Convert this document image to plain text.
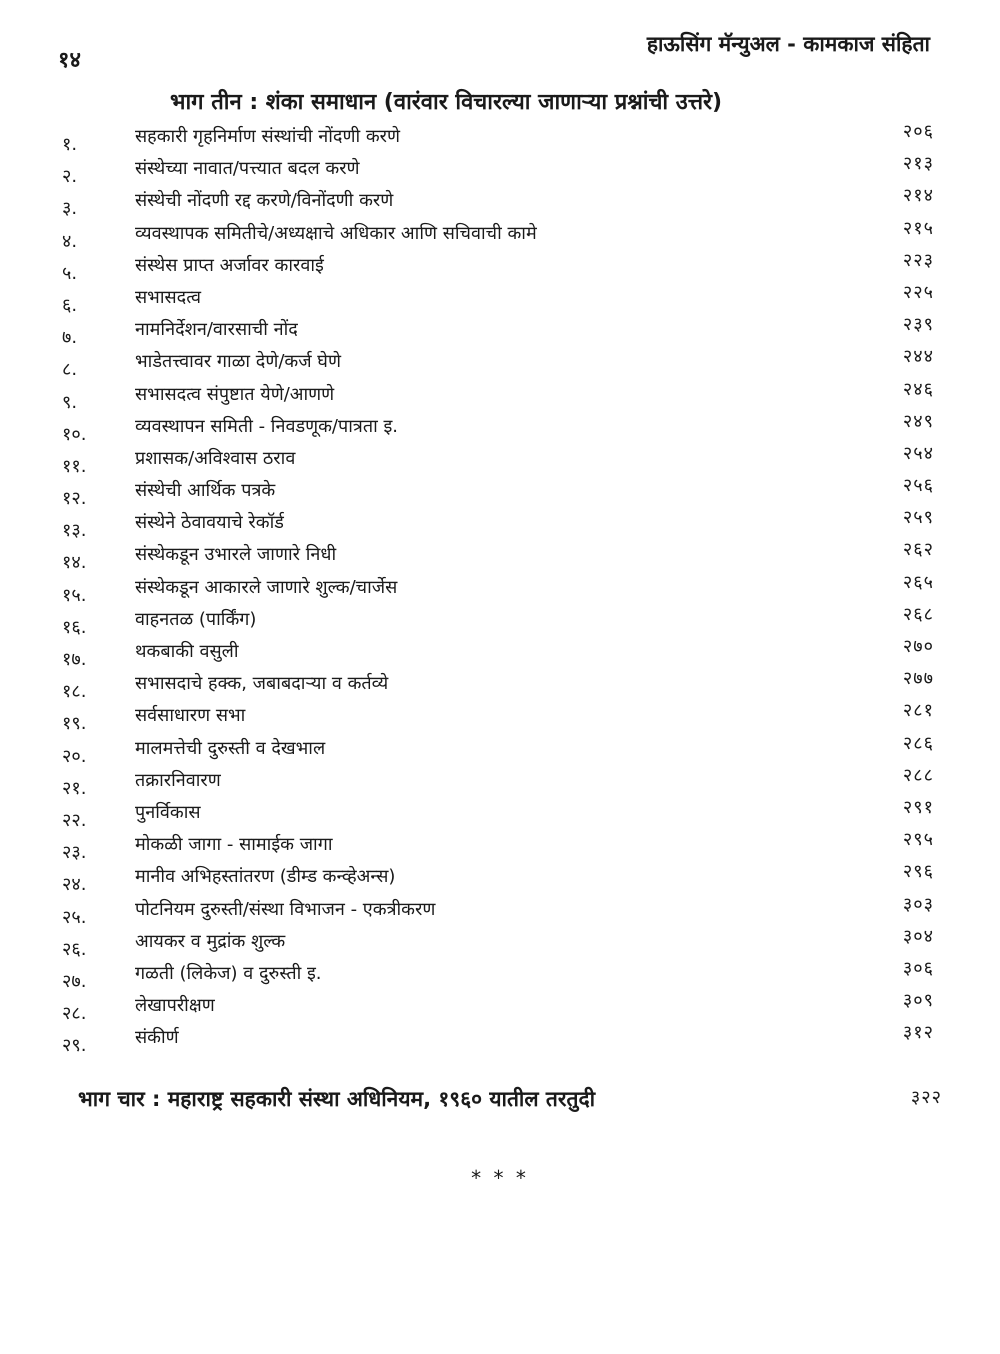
१४
हाऊसिंग मॅन्युअल - कामकाज संहिता
भाग तीन : शंका समाधान (वारंवार विचारल्या जाणाऱ्या प्रश्नांची उत्तरे)
१.	सहकारी गृहनिर्माण संस्थांची नोंदणी करणे	२०६
२.	संस्थेच्या नावात/पत्त्यात बदल करणे	२१३
३.	संस्थेची नोंदणी रद्द करणे/विनोंदणी करणे	२१४
४.	व्यवस्थापक समितीचे/अध्यक्षाचे अधिकार आणि सचिवाची कामे	२१५
५.	संस्थेस प्राप्त अर्जावर कारवाई	२२३
६.	सभासदत्व	२२५
७.	नामनिर्देशन/वारसाची नोंद	२३९
८.	भाडेतत्त्वावर गाळा देणे/कर्ज घेणे	२४४
९.	सभासदत्व संपुष्टात येणे/आणणे	२४६
१०.	व्यवस्थापन समिती - निवडणूक/पात्रता इ.	२४९
११.	प्रशासक/अविश्वास ठराव	२५४
१२.	संस्थेची आर्थिक पत्रके	२५६
१३.	संस्थेने ठेवावयाचे रेकॉर्ड	२५९
१४.	संस्थेकडून उभारले जाणारे निधी	२६२
१५.	संस्थेकडून आकारले जाणारे शुल्क/चार्जेस	२६५
१६.	वाहनतळ (पार्किंग)	२६८
१७.	थकबाकी वसुली	२७०
१८.	सभासदाचे हक्क, जबाबदाऱ्या व कर्तव्ये	२७७
१९.	सर्वसाधारण सभा	२८१
२०.	मालमत्तेची दुरुस्ती व देखभाल	२८६
२१.	तक्रारनिवारण	२८८
२२.	पुनर्विकास	२९१
२३.	मोकळी जागा - सामाईक जागा	२९५
२४.	मानीव अभिहस्तांतरण (डीम्ड कन्व्हेअन्स)	२९६
२५.	पोटनियम दुरुस्ती/संस्था विभाजन - एकत्रीकरण	३०३
२६.	आयकर व मुद्रांक शुल्क	३०४
२७.	गळती (लिकेज) व दुरुस्ती इ.	३०६
२८.	लेखापरीक्षण	३०९
२९.	संकीर्ण	३१२
भाग चार : महाराष्ट्र सहकारी संस्था अधिनियम, १९६० यातील तरतुदी	३२२
* * *
